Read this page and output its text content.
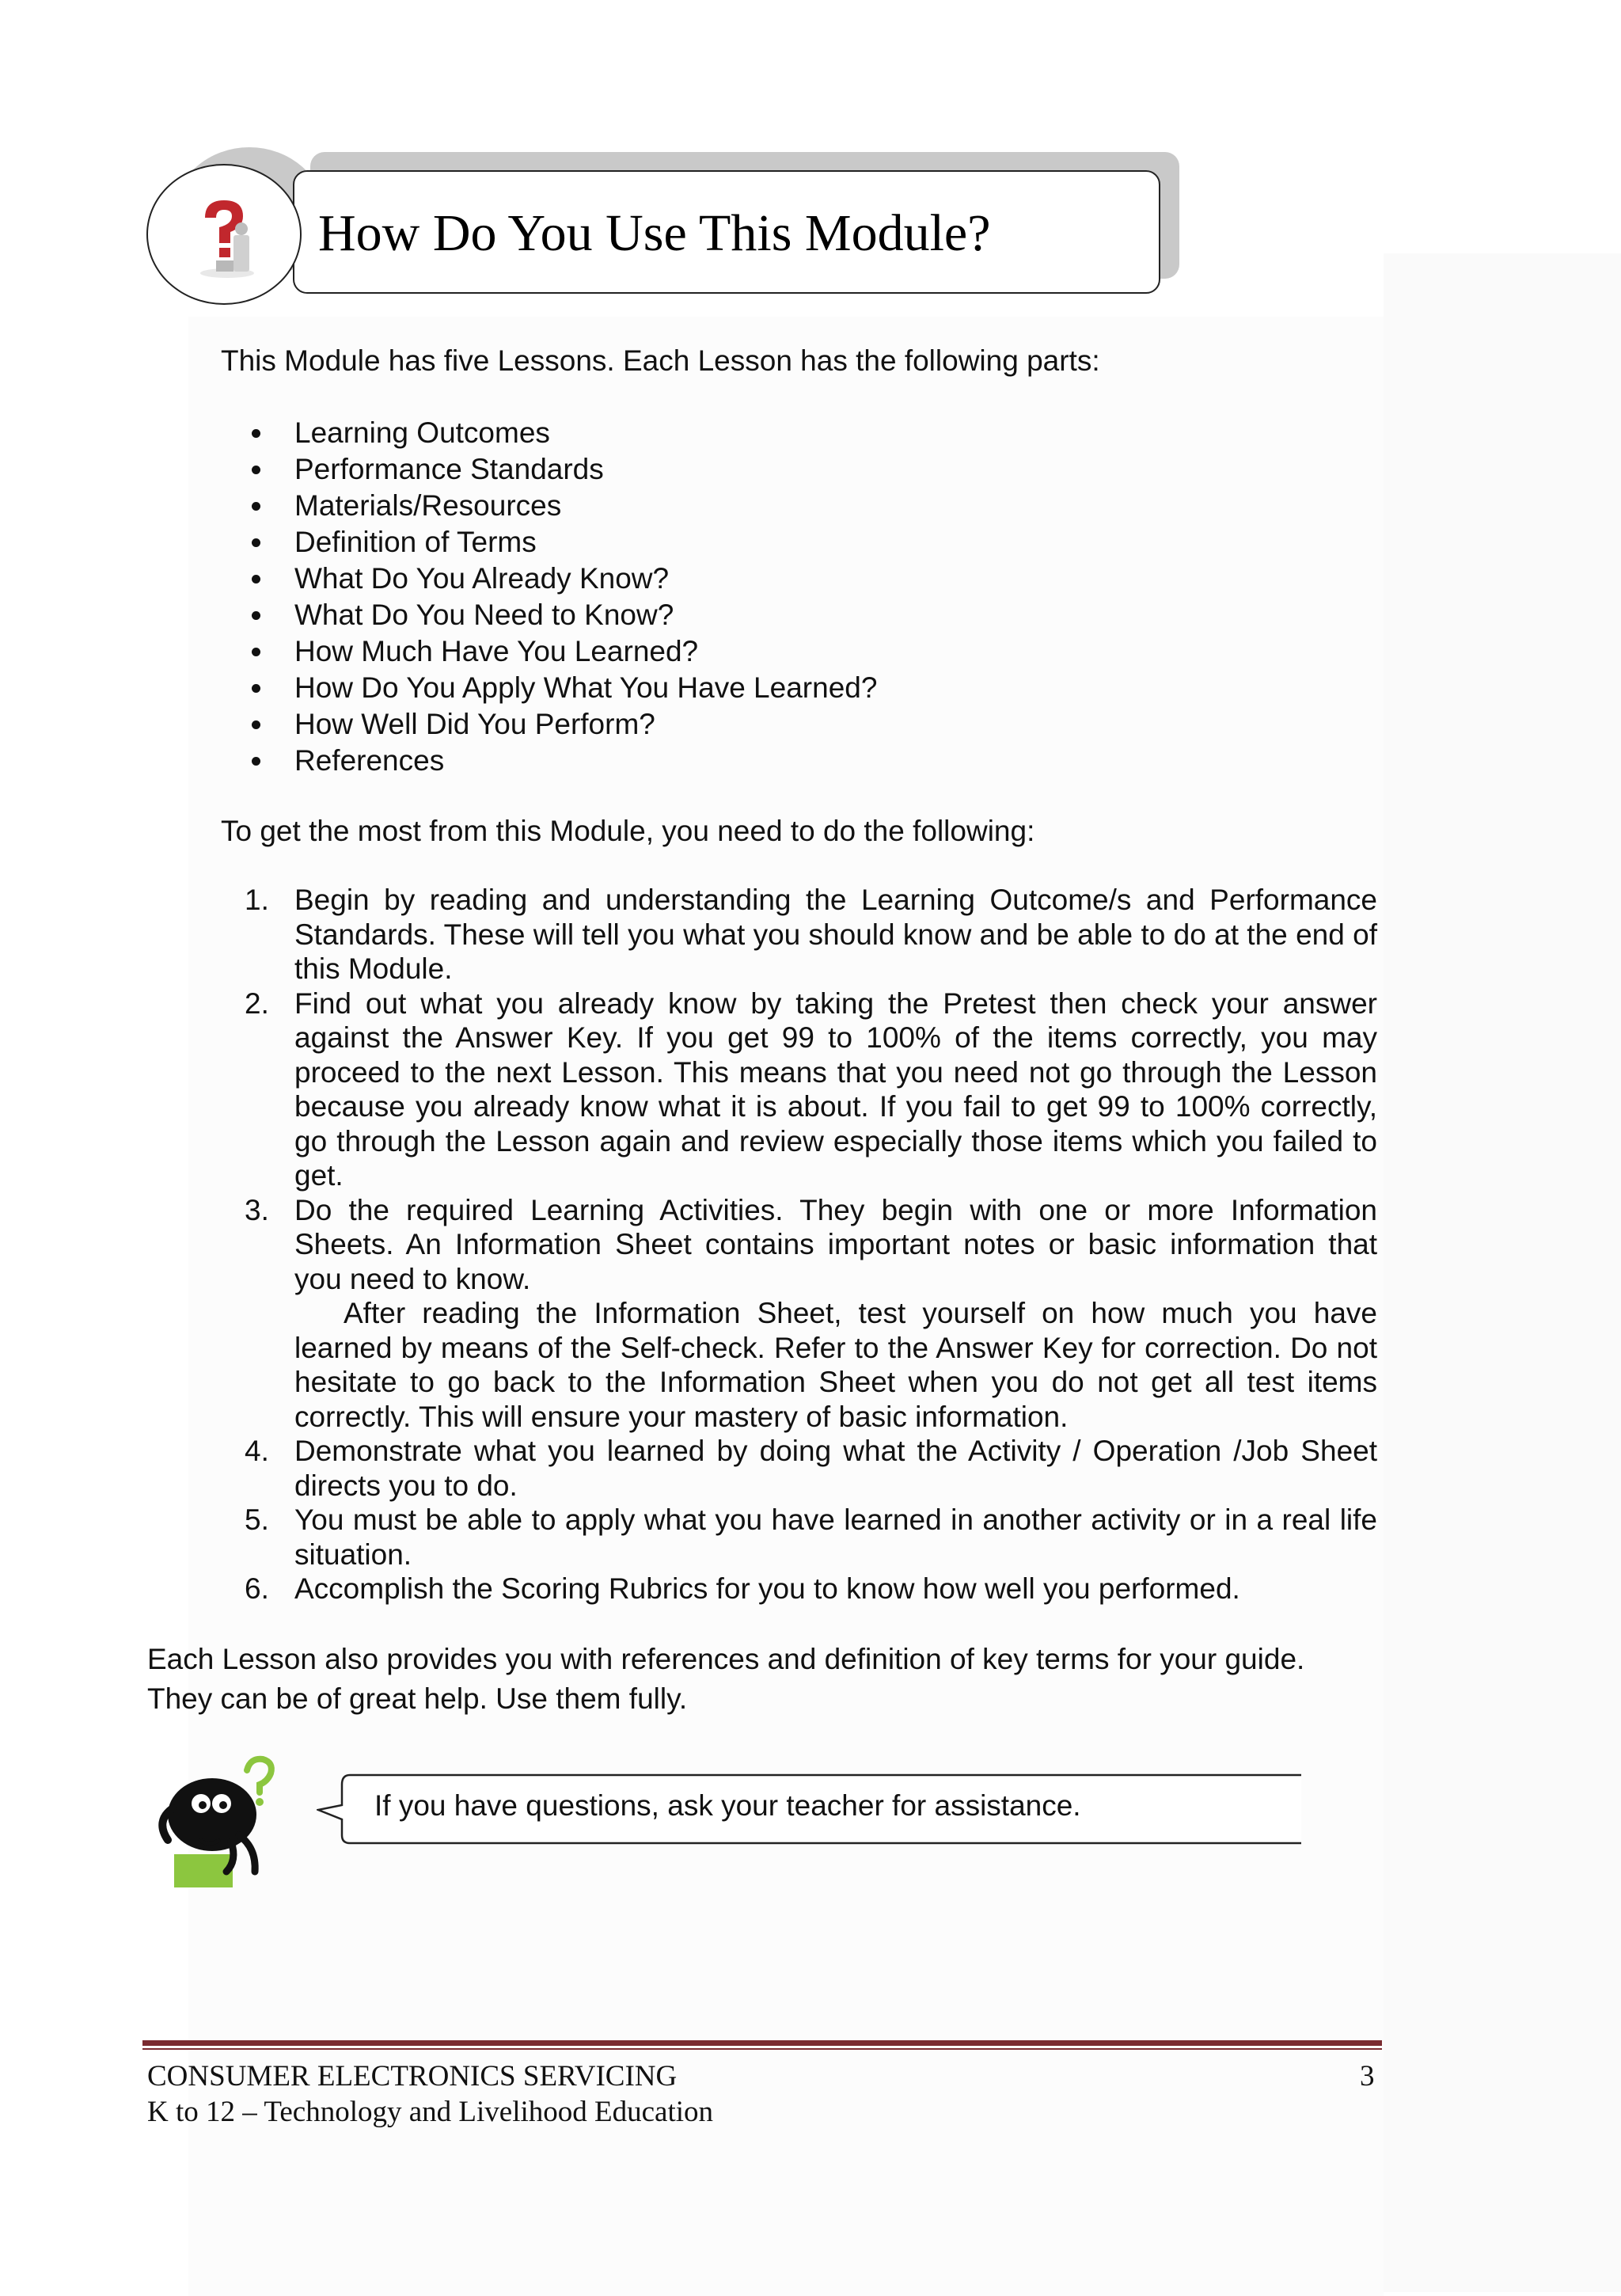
How Do You Use This Module?
This Module has five Lessons. Each Lesson has the following parts:
Learning Outcomes
Performance Standards
Materials/Resources
Definition of Terms
What Do You Already Know?
What Do You Need to Know?
How Much Have You Learned?
How Do You Apply What You Have Learned?
How Well Did You Perform?
References
To get the most from this Module, you need to do the following:
1. Begin by reading and understanding the Learning Outcome/s and Performance Standards. These will tell you what you should know and be able to do at the end of this Module.
2. Find out what you already know by taking the Pretest then check your answer against the Answer Key. If you get 99 to 100% of the items correctly, you may proceed to the next Lesson. This means that you need not go through the Lesson because you already know what it is about. If you fail to get 99 to 100% correctly, go through the Lesson again and review especially those items which you failed to get.
3. Do the required Learning Activities. They begin with one or more Information Sheets. An Information Sheet contains important notes or basic information that you need to know.
After reading the Information Sheet, test yourself on how much you have learned by means of the Self-check. Refer to the Answer Key for correction. Do not hesitate to go back to the Information Sheet when you do not get all test items correctly. This will ensure your mastery of basic information.
4. Demonstrate what you learned by doing what the Activity / Operation /Job Sheet directs you to do.
5. You must be able to apply what you have learned in another activity or in a real life situation.
6. Accomplish the Scoring Rubrics for you to know how well you performed.
Each Lesson also provides you with references and definition of key terms for your guide.
They can be of great help. Use them fully.
If you have questions, ask your teacher for assistance.
CONSUMER ELECTRONICS SERVICING	3
K to 12 – Technology and Livelihood Education
